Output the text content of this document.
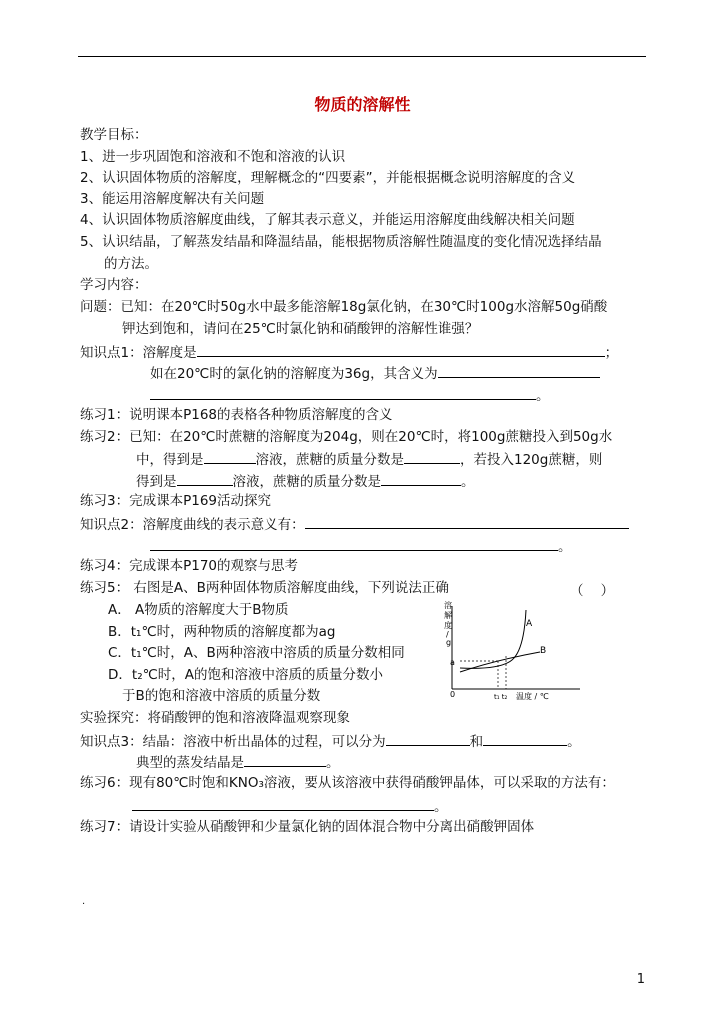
物质的溶解性
教学目标：
1、进一步巩固饱和溶液和不饱和溶液的认识
2、认识固体物质的溶解度，理解概念的“四要素”，并能根据概念说明溶解度的含义
3、能运用溶解度解决有关问题
4、认识固体物质溶解度曲线，了解其表示意义，并能运用溶解度曲线解决相关问题
5、认识结晶，了解蒸发结晶和降温结晶，能根据物质溶解性随温度的变化情况选择结晶
的方法。
学习内容：
问题：已知：在20℃时50g水中最多能溶解18g氯化钠，在30℃时100g水溶解50g硝酸
钾达到饱和，请问在25℃时氯化钠和硝酸钾的溶解性谁强？
知识点1：溶解度是	；
如在20℃时的氯化钠的溶解度为36g，其含义为
。
练习1：说明课本P168的表格各种物质溶解度的含义
练习2：已知：在20℃时蔗糖的溶解度为204g，则在20℃时，将100g蔗糖投入到50g水
中，得到是	溶液，蔗糖的质量分数是	，若投入120g蔗糖，则
得到是	溶液，蔗糖的质量分数是	。
练习3：完成课本P169活动探究
知识点2：溶解度曲线的表示意义有：
。
练习4：完成课本P170的观察与思考
练习5： 右图是A、B两种固体物质溶解度曲线，下列说法正确	（    ）
A． A物质的溶解度大于B物质
B．t₁℃时，两种物质的溶解度都为ag
C．t₁℃时，A、B两种溶液中溶质的质量分数相同
D．t₂℃时，A的饱和溶液中溶质的质量分数小
于B的饱和溶液中溶质的质量分数
溶
解
度
/
g
a
0
A
B
t₁ t₂ 温度 / ℃
实验探究：将硝酸钾的饱和溶液降温观察现象
知识点3：结晶：溶液中析出晶体的过程，可以分为	和	。
典型的蒸发结晶是	。
练习6：现有80℃时饱和KNO₃溶液，要从该溶液中获得硝酸钾晶体，可以采取的方法有：
。
练习7：请设计实验从硝酸钾和少量氯化钠的固体混合物中分离出硝酸钾固体
.
1
